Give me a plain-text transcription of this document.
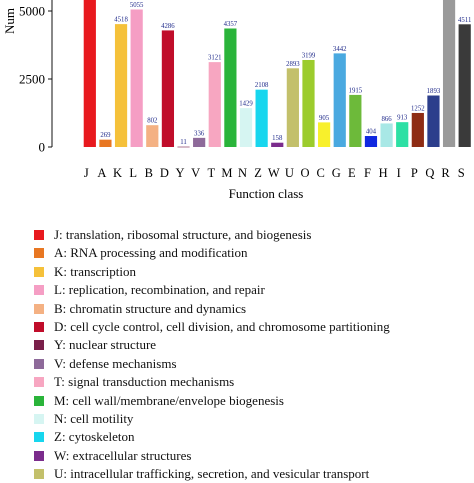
Num
269
4518
5055
802
4286
11
336
3121
4357
1429
2108
158
2893
3199
905
3442
1915
404
866 913
1252
1893
4511
0
2500
5000
J A K L B D Y V T M N Z W U O C G E F H I P Q R S
Function class
J: translation, ribosomal structure, and biogenesis
A: RNA processing and modification
K: transcription
L: replication, recombination, and repair
B: chromatin structure and dynamics
D: cell cycle control, cell division, and chromosome partitioning
Y: nuclear structure
V: defense mechanisms
T: signal transduction mechanisms
M: cell wall/membrane/envelope biogenesis
N: cell motility
Z: cytoskeleton
W: extracellular structures
U: intracellular trafficking, secretion, and vesicular transport
